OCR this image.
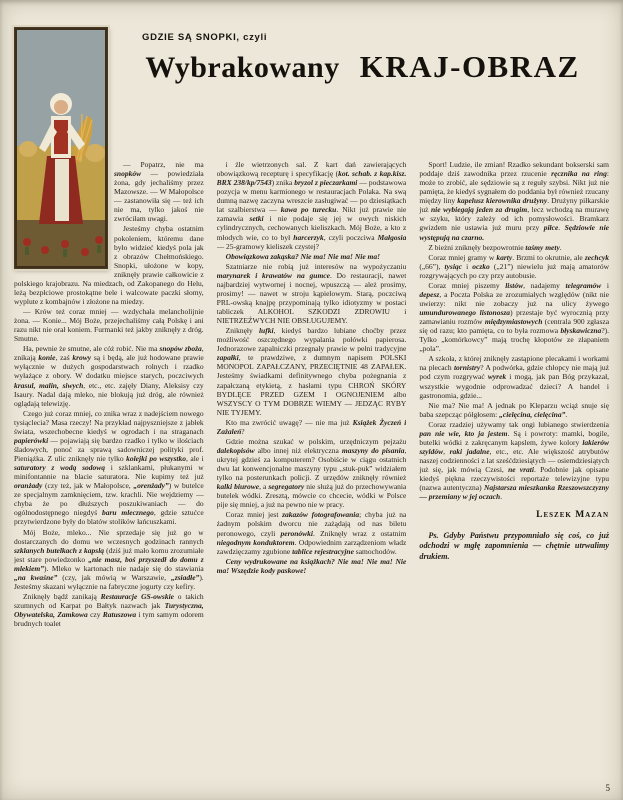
GDZIE SĄ SNOPKI, czyli
Wybrakowany KRAJ-OBRAZ

— Popatrz, nie ma snopków — powiedziała żona, gdy jechaliśmy przez Mazowsze. — W Małopolsce — zastanowiła się — też ich nie ma, tylko jakoś nie zwróciłam uwagi.

Jesteśmy chyba ostatnim pokoleniem, któremu dane było widzieć kiedyś pola jak z obrazów Chełmońskiego. Snopki, ułożone w kopy, zniknęły prawie całkowicie z polskiego krajobrazu. Na miedzach, od Zakopanego do Helu, leżą bezpłciowe prostokątne bele i walcowate paczki słomy, wyplute z kombajnów i złożone na miedzy.

— Krów też coraz mniej — wzdychała melancholijnie żona. — Konie... Mój Boże, przejechaliśmy całą Polskę i ani razu nikt nie orał koniem. Furmanki też jakby zniknęły z dróg. Smutne.

Ha, pewnie że smutne, ale cóż robić. Nie ma snopów zboża, znikają konie, zaś krowy są i będą, ale już hodowane prawie wyłącznie w dużych gospodarstwach rolnych i rzadko wyłażące z obory. W dodatku miejsce starych, poczciwych krasul, malin, siwych, etc., etc. zajęły Diany, Aleksisy czy Isaury. Nadal dają mleko, nie blokują już dróg, ale również oglądają telewizję.

Czego już coraz mniej, co znika wraz z nadejściem nowego tysiąclecia? Masa rzeczy! Na przykład najpyszniejsze z jabłek świata, wszechobecne kiedyś w ogrodach i na straganach papierówki — pojawiają się bardzo rzadko i tylko w ilościach śladowych, ponoć za sprawą sadowniczej polityki prof. Pieniążka. Z ulic zniknęły nie tylko kolejki po wszystko, ale i saturatory z wodą sodową i szklankami, płukanymi w minifontannie na blacie saturatora. Nie kupimy też już oranżady (czy też, jak w Małopolsce, „orenżady”) w butelce ze specjalnym zamknięciem, tzw. krachli. Nie wejdziemy — chyba że po dłuższych poszukiwaniach — do ogólnodostępnego niegdyś baru mlecznego, gdzie sztućce przytwierdzone były do blatów stolików łańcuszkami.

Mój Boże, mleko... Nie sprzedaje się już go w dostarczanych do domu we wczesnych godzinach rannych szklanych butelkach z kapslą (dziś już mało komu zrozumiałe jest stare powiedzonko „nie masz, boś przyszedł do domu z mlekiem”). Mleko w kartonach nie nadaje się do stawiania „na kwaśne” (czy, jak mówią w Warszawie, „zsiadłe”). Jesteśmy skazani wyłącznie na fabryczne jogurty czy kefiry.

Zniknęły bądź zanikają Restauracje GS-owskie o takich szumnych od Karpat po Bałtyk nazwach jak Turystyczna, Obywatelska, Zamkowa czy Ratuszowa i tym samym odorem brudnych toalet

i źle wietrzonych sal. Z kart dań zawierających obowiązkową recepturę i specyfikację (kot. schab. z kap.kisz. BRX 238/kp/7543) znika bryzol z pieczarkami — podstawowa pozycja w menu karmionego w restauracjach Polaka. Na swą dumną nazwę zaczyna wreszcie zasługiwać — po dziesiątkach lat szalbierstwa — kawa po turecku. Nikt już prawie nie zamawia setki i nie podaje się jej w owych niskich cylindrycznych, cechowanych kieliszkach. Mój Boże, a kto z młodych wie, co to był harcerzyk, czyli poczciwa Małgosia — 25-gramowy kieliszek czystej?

Obowiązkowa zakąska? Nie ma! Nie ma! Nie ma!

Szatniarze nie robią już interesów na wypożyczaniu marynarek i krawatów na gumce. Do restauracji, nawet najbardziej wytwornej i nocnej, wpuszczą — ależ prosimy, prosimy! — nawet w stroju kąpielowym. Starą, poczciwą PRL-owską knajpę przypominają tylko idiotyzmy w postaci tabliczek ALKOHOL SZKODZI ZDROWIU i NIETRZEŹWYCH NIE OBSŁUGUJEMY.

Zniknęły lufki, kiedyś bardzo lubiane choćby przez możliwość oszczędnego wypalania połówki papierosa. Jednorazowe zapalniczki przegnały prawie w pełni tradycyjne zapałki, te prawdziwe, z dumnym napisem POLSKI MONOPOL ZAPAŁCZANY, PRZECIĘTNIE 48 ZAPAŁEK. Jesteśmy świadkami definitywnego chyba pożegnania z zapałczaną etykietą, z hasłami typu CHROŃ SKÓRY BYDLĘCE PRZED GZEM I OGNOJENIEM albo WSZYSCY O TYM DOBRZE WIEMY — JEDZĄC RYBY NIE TYJEMY.

Kto ma zwrócić uwagę? — nie ma już Książek Życzeń i Zażaleń?

Gdzie można szukać w polskim, urzędniczym pejzażu dalekopisów albo innej niż elektryczna maszyny do pisania, ukrytej gdzieś za komputerem? Osobiście w ciągu ostatnich dwu lat konwencjonalne maszyny typu „stuk-puk” widziałem tylko na posterunkach policji. Z urzędów zniknęły również kalki biurowe, a segregatory nie służą już do przechowywania butelek wódki. Zresztą, mówcie co chcecie, wódki w Polsce pije się mniej, a już na pewno nie w pracy.

Coraz mniej jest zakazów fotografowania; chyba już na żadnym polskim dworcu nie zażądają od nas biletu peronowego, czyli peronówki. Zniknęły wraz z ostatnim niegodnym konduktorem. Odpowiednim zarządzeniom władz zawdzięczamy zgubione tablice rejestracyjne samochodów.

Ceny wydrukowane na książkach? Nie ma! Nie ma! Nie ma! Wszędzie kody paskowe!

Sport! Ludzie, ile zmian! Rzadko sekundant bokserski sam poddaje dziś zawodnika przez rzucenie ręcznika na ring: może to zrobić, ale sędziowie są z reguły szybsi. Nikt już nie pamięta, że kiedyś sygnałem do poddania był również rzucany między liny kapelusz kierownika drużyny. Drużyny piłkarskie już nie wybiegają jeden za drugim, lecz wchodzą na murawę w szyku, który zależy od ich pomysłowości. Bramkarz gwizdem nie ustawia już muru przy piłce. Sędziowie nie występują na czarno.

Z bieżni zniknęły bezpowrotnie taśmy mety.

Coraz mniej gramy w karty. Brzmi to okrutnie, ale zechcyk („66”), tysiąc i oczko („21”) niewielu już mają amatorów rozgrywających po czy przy autobusie.

Coraz mniej piszemy listów, nadajemy telegramów i depesz, a Poczta Polska ze zrozumiałych względów (nikt nie uwierzy: nikt nie zobaczy już na ulicy żywego umundurowanego listonosza) przestaje być wyrocznią przy zamawianiu rozmów międzymiastowych (centrala 900 zgłasza się od razu; kto pamięta, co to była rozmowa błyskawiczna?). Tylko „komórkowcy” mają trochę kłopotów ze złapaniem „pola”.

A szkoła, z której zniknęły zastąpione plecakami i workami na plecach tornistry? A podwórka, gdzie chłopcy nie mają już pod czym rozgrywać wyrek i mogą, jak pan Bóg przykazał, wszystkie wygodnie odprowadzać dzieci? A handel i gastronomia, gdzie...

Nie ma? Nie ma! A jednak po Kleparzu wciąż snuje się baba szepcząc półgłosem: „cielęcina, cielęcina”.

Coraz rzadziej używamy tak ongi lubianego stwierdzenia pan nie wie, kto ja jestem. Są i powroty: mamki, bogile, butelki wódki z zakręcanym kapslem, żywe kolory lakierów szyldów, raki jadalne, etc., etc. Ale większość atrybutów naszej codzienności z lat sześćdziesiątych — osiemdziesiątych już się, jak mówią Czesi, ne vrati. Podobnie jak opisane kiedyś piękna rzeczywistości reportaże telewizyjne typu (nazwa autentyczna) Najstarsza mieszkanka Rzeszowszczyzny — przemiany w jej oczach.

Leszek Mazan

Ps. Gdyby Państwu przypomniało się coś, co już odchodzi w mgłę zapomnienia — chętnie utrwalimy drukiem.

5
